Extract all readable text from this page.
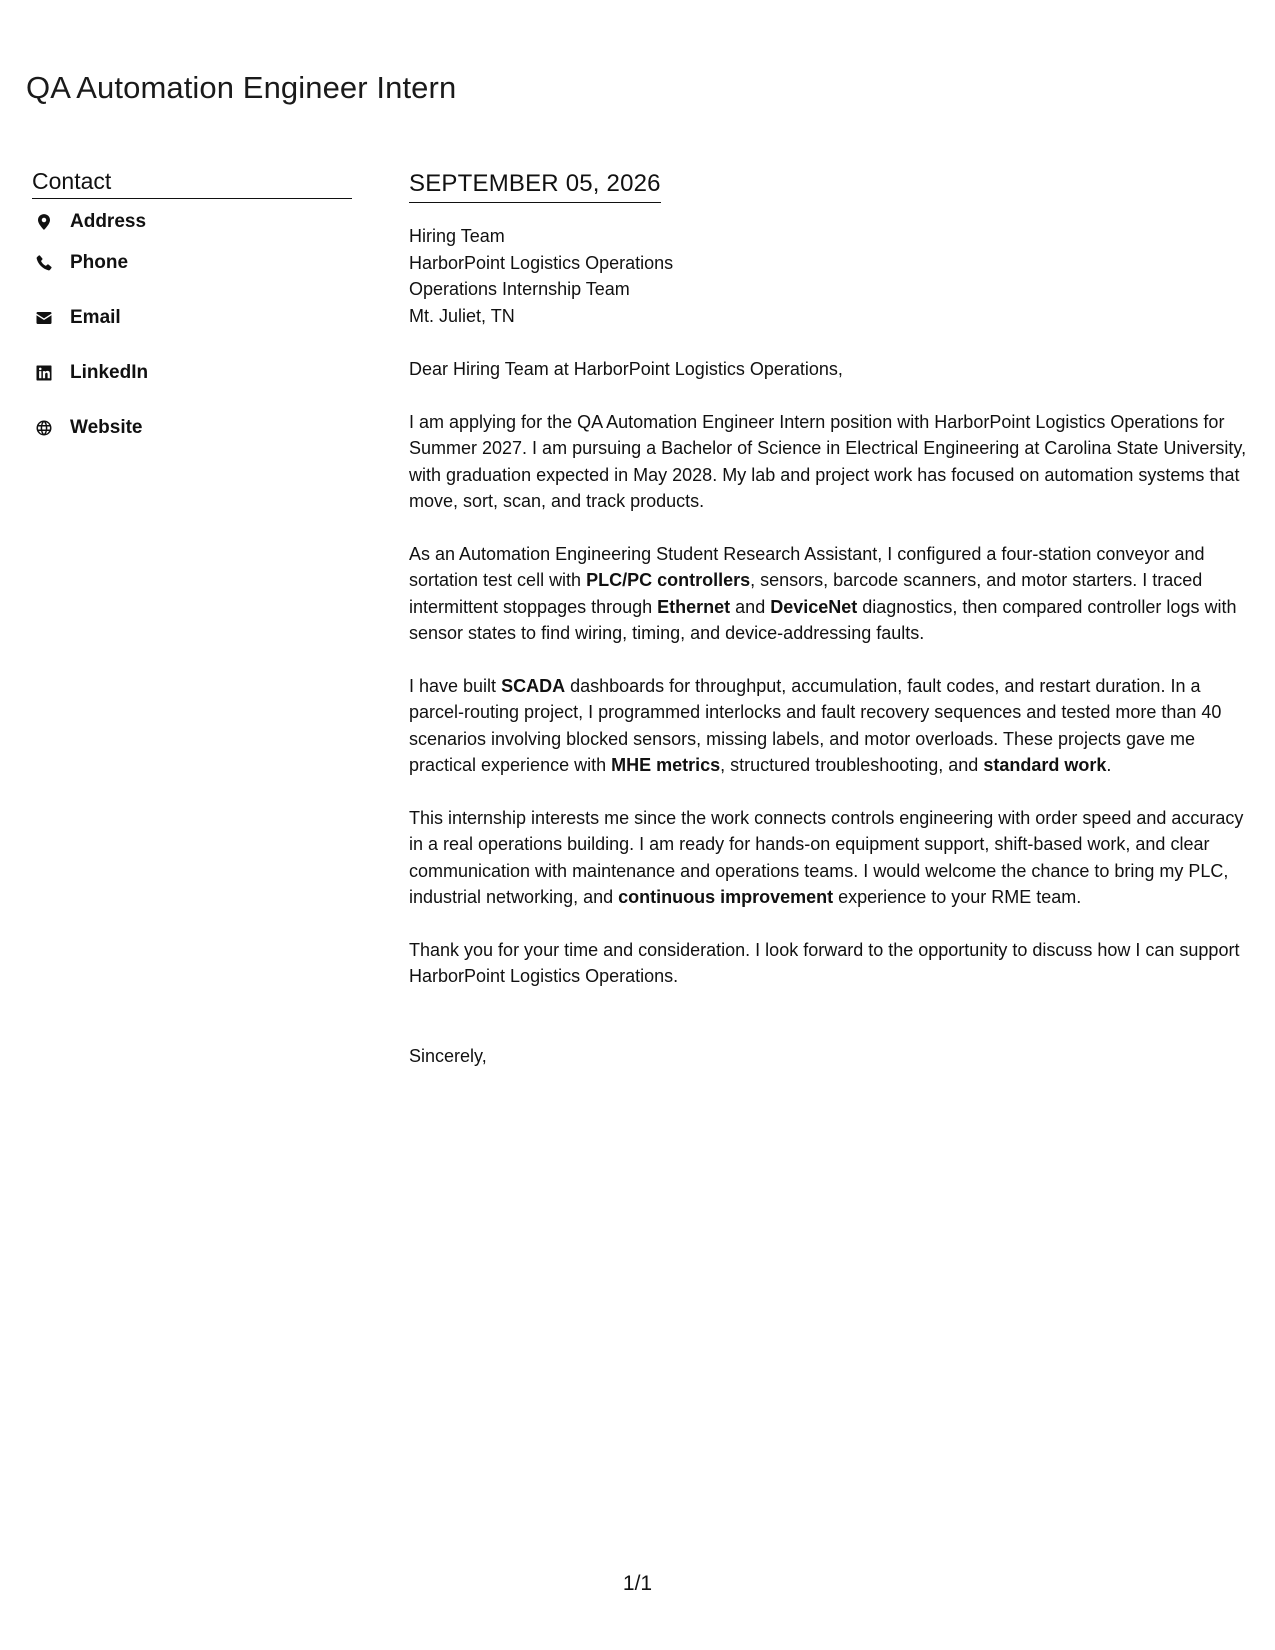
QA Automation Engineer Intern
Contact
Address
Phone
Email
LinkedIn
Website
SEPTEMBER 05, 2026
Hiring Team
HarborPoint Logistics Operations
Operations Internship Team
Mt. Juliet, TN

Dear Hiring Team at HarborPoint Logistics Operations,

I am applying for the QA Automation Engineer Intern position with HarborPoint Logistics Operations for Summer 2027. I am pursuing a Bachelor of Science in Electrical Engineering at Carolina State University, with graduation expected in May 2028. My lab and project work has focused on automation systems that move, sort, scan, and track products.

As an Automation Engineering Student Research Assistant, I configured a four-station conveyor and sortation test cell with PLC/PC controllers, sensors, barcode scanners, and motor starters. I traced intermittent stoppages through Ethernet and DeviceNet diagnostics, then compared controller logs with sensor states to find wiring, timing, and device-addressing faults.

I have built SCADA dashboards for throughput, accumulation, fault codes, and restart duration. In a parcel-routing project, I programmed interlocks and fault recovery sequences and tested more than 40 scenarios involving blocked sensors, missing labels, and motor overloads. These projects gave me practical experience with MHE metrics, structured troubleshooting, and standard work.

This internship interests me since the work connects controls engineering with order speed and accuracy in a real operations building. I am ready for hands-on equipment support, shift-based work, and clear communication with maintenance and operations teams. I would welcome the chance to bring my PLC, industrial networking, and continuous improvement experience to your RME team.

Thank you for your time and consideration. I look forward to the opportunity to discuss how I can support HarborPoint Logistics Operations.

Sincerely,

1/1
